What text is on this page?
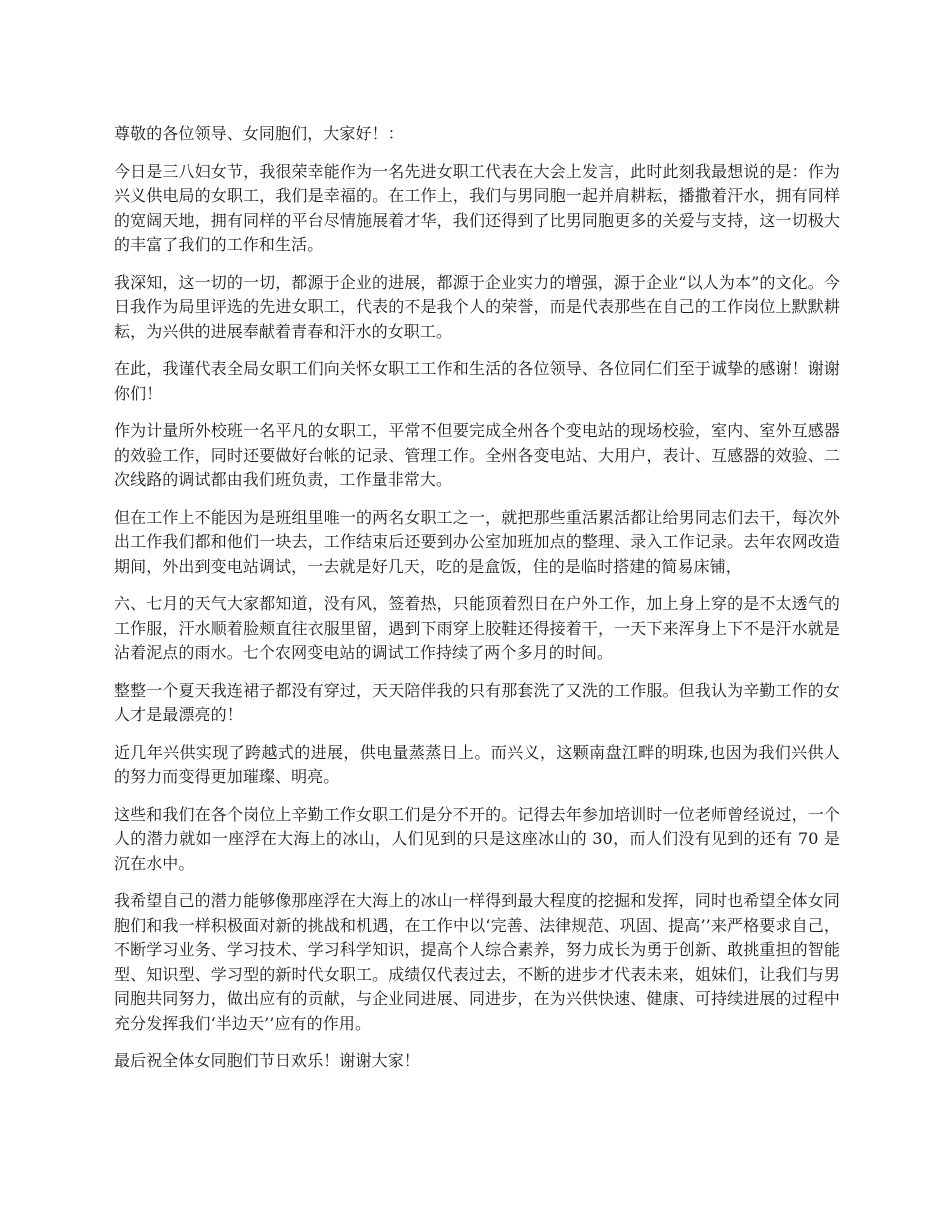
尊敬的各位领导、女同胞们，大家好！：

今日是三八妇女节，我很荣幸能作为一名先进女职工代表在大会上发言，此时此刻我最想说的是：作为兴义供电局的女职工，我们是幸福的。在工作上，我们与男同胞一起并肩耕耘，播撒着汗水，拥有同样的宽阔天地，拥有同样的平台尽情施展着才华，我们还得到了比男同胞更多的关爱与支持，这一切极大的丰富了我们的工作和生活。

我深知，这一切的一切，都源于企业的进展，都源于企业实力的增强，源于企业“以人为本”的文化。今日我作为局里评选的先进女职工，代表的不是我个人的荣誉，而是代表那些在自己的工作岗位上默默耕耘，为兴供的进展奉献着青春和汗水的女职工。

在此，我谨代表全局女职工们向关怀女职工工作和生活的各位领导、各位同仁们至于诚挚的感谢！谢谢你们！

作为计量所外校班一名平凡的女职工，平常不但要完成全州各个变电站的现场校验，室内、室外互感器的效验工作，同时还要做好台帐的记录、管理工作。全州各变电站、大用户，表计、互感器的效验、二次线路的调试都由我们班负责，工作量非常大。

但在工作上不能因为是班组里唯一的两名女职工之一，就把那些重活累活都让给男同志们去干，每次外出工作我们都和他们一块去，工作结束后还要到办公室加班加点的整理、录入工作记录。去年农网改造期间，外出到变电站调试，一去就是好几天，吃的是盒饭，住的是临时搭建的简易床铺，

六、七月的天气大家都知道，没有风，签着热，只能顶着烈日在户外工作，加上身上穿的是不太透气的工作服，汗水顺着脸颊直往衣服里留，遇到下雨穿上胶鞋还得接着干，一天下来浑身上下不是汗水就是沾着泥点的雨水。七个农网变电站的调试工作持续了两个多月的时间。

整整一个夏天我连裙子都没有穿过，天天陪伴我的只有那套洗了又洗的工作服。但我认为辛勤工作的女人才是最漂亮的！

近几年兴供实现了跨越式的进展，供电量蒸蒸日上。而兴义，这颗南盘江畔的明珠,也因为我们兴供人的努力而变得更加璀璨、明亮。

这些和我们在各个岗位上辛勤工作女职工们是分不开的。记得去年参加培训时一位老师曾经说过，一个人的潜力就如一座浮在大海上的冰山，人们见到的只是这座冰山的 30，而人们没有见到的还有 70 是沉在水中。

我希望自己的潜力能够像那座浮在大海上的冰山一样得到最大程度的挖掘和发挥，同时也希望全体女同胞们和我一样积极面对新的挑战和机遇，在工作中以‘完善、法律规范、巩固、提高’’来严格要求自己，不断学习业务、学习技术、学习科学知识，提高个人综合素养，努力成长为勇于创新、敢挑重担的智能型、知识型、学习型的新时代女职工。成绩仅代表过去，不断的进步才代表未来，姐妹们，让我们与男同胞共同努力，做出应有的贡献，与企业同进展、同进步，在为兴供快速、健康、可持续进展的过程中充分发挥我们‘半边天’’应有的作用。

最后祝全体女同胞们节日欢乐！谢谢大家！
